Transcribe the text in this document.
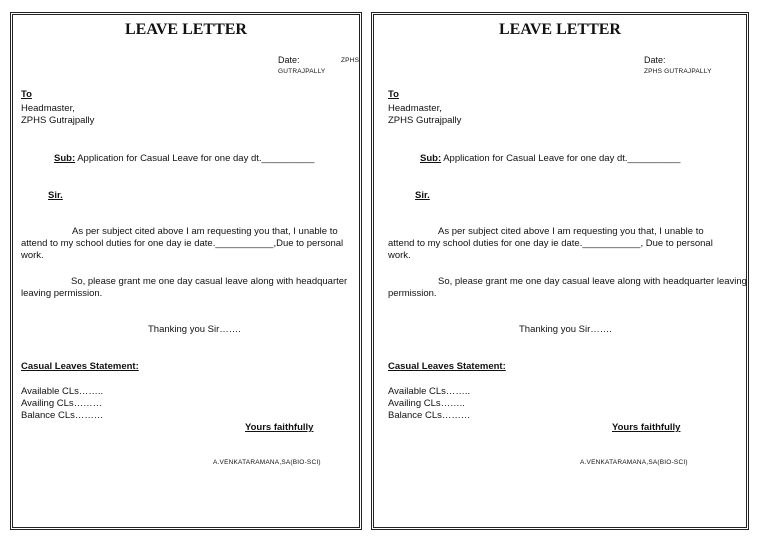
LEAVE LETTER
Date:	ZPHS
GUTRAJPALLY
To
Headmaster,
ZPHS Gutrajpally
Sub: Application for Casual Leave for one day dt.__________
Sir.
As per subject cited above I am requesting you that, I unable to
attend to my school duties for one day ie date.___________,Due to personal
work.
So, please grant me one day casual leave along with headquarter
leaving permission.
Thanking you Sir…….
Casual Leaves Statement:
Available CLs……..
Availing CLs………
Balance CLs………
Yours faithfully
A.VENKATARAMANA,SA(BIO-SCI)
LEAVE LETTER
Date:
ZPHS GUTRAJPALLY
To
Headmaster,
ZPHS Gutrajpally
Sub: Application for Casual Leave for one day dt.__________
Sir.
As per subject cited above I am requesting you that, I unable to
attend to my school duties for one day ie date.___________, Due to personal
work.
So, please grant me one day casual leave along with headquarter leaving
permission.
Thanking you Sir…….
Casual Leaves Statement:
Available CLs……..
Availing CLs……..
Balance CLs………
Yours faithfully
A.VENKATARAMANA,SA(BIO-SCI)
